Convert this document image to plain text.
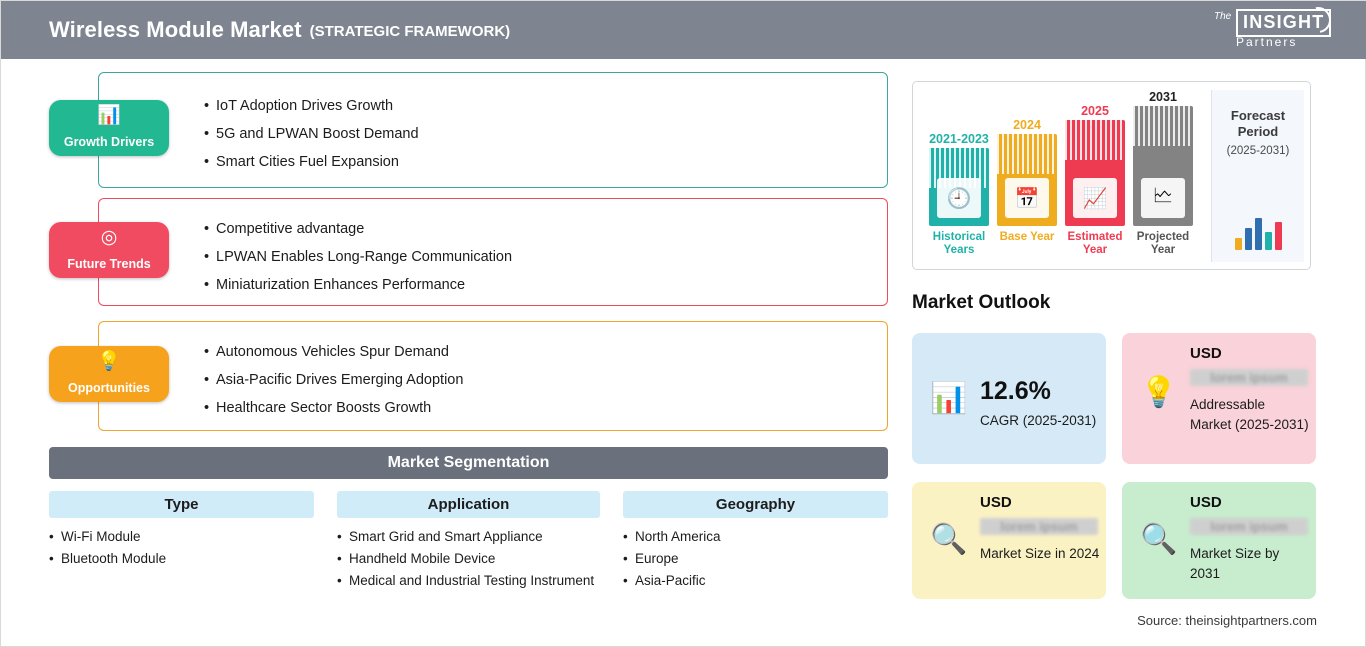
Wireless Module Market (STRATEGIC FRAMEWORK)
The INSIGHT
Partners
• IoT Adoption Drives Growth
• 5G and LPWAN Boost Demand
• Smart Cities Fuel Expansion
📊
Growth Drivers
• Competitive advantage
• LPWAN Enables Long-Range Communication
• Miniaturization Enhances Performance
◎
Future Trends
• Autonomous Vehicles Spur Demand
• Asia-Pacific Drives Emerging Adoption
• Healthcare Sector Boosts Growth
💡
Opportunities
Market Segmentation
Type	Application	Geography
• Wi-Fi Module
• Bluetooth Module
• Smart Grid and Smart Appliance
• Handheld Mobile Device
• Medical and Industrial Testing Instrument
• North America
• Europe
• Asia-Pacific
2021-2023
🕘
Historical Years
2024
📅
Base Year
2025
📈
Estimated Year
2031
🗠
Projected Year
Forecast
Period
(2025-2031)
Market Outlook
📊 12.6%
CAGR (2025-2031)
💡
USD
lorem ipsum
Addressable Market (2025-2031)
🔍
USD
lorem ipsum
Market Size in 2024 🔍
USD
lorem ipsum
Market Size by 2031
Source: theinsightpartners.com
